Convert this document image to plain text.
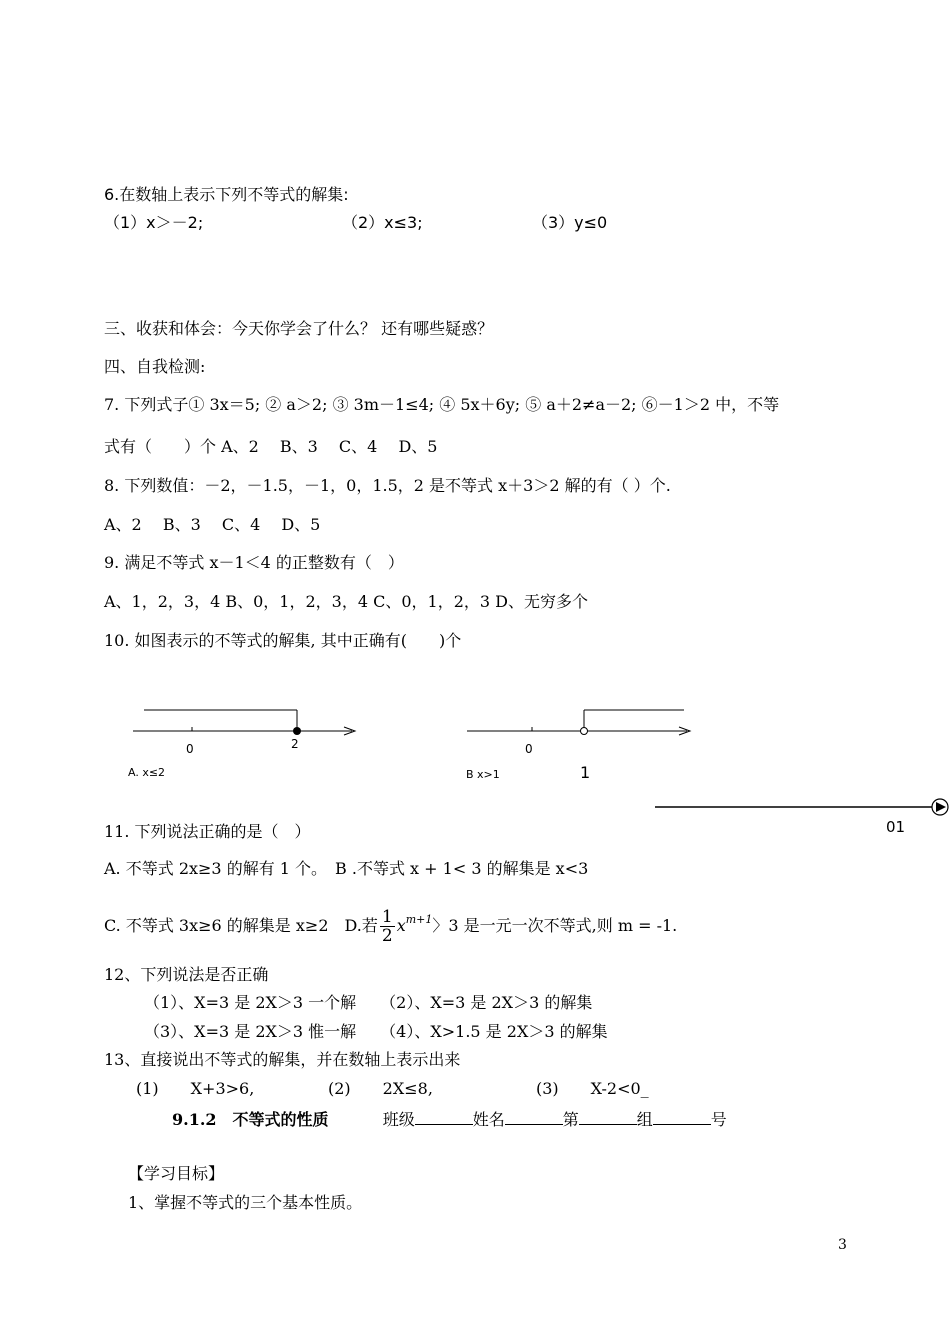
6.在数轴上表示下列不等式的解集:
（1）x＞－2;	（2）x≤3;	（3）y≤0
三、收获和体会：今天你学会了什么？ 还有哪些疑惑？
四、自我检测:
7. 下列式子① 3x＝5; ② a＞2; ③ 3m－1≤4; ④ 5x＋6y; ⑤ a＋2≠a－2; ⑥－1＞2 中，不等
式有（　　）个 A、2　 B、3　 C、4　 D、5
8. 下列数值：－2，－1.5，－1，0，1.5，2 是不等式 x＋3＞2 解的有（ ）个.
A、2　 B、3　 C、4　 D、5
9. 满足不等式 x－1＜4 的正整数有（　）
A、1，2，3，4 B、0，1，2，3，4 C、0，1，2，3 D、无穷多个
10. 如图表示的不等式的解集, 其中正确有(　　)个
0	2
A. x≤2
0
B x>1	1
01
11. 下列说法正确的是（　）
A. 不等式 2x≥3 的解有 1 个。　B .不等式 x + 1< 3 的解集是 x<3
C. 不等式 3x≥6 的解集是 x≥2　D.若 $\frac{1}{2} x^{m+1}$〉3 是一元一次不等式,则 m = -1.
12、下列说法是否正确
（1）、X=3 是 2X＞3 一个解　　（2）、X=3 是 2X＞3 的解集
（3）、X=3 是 2X＞3 惟一解　　（4）、X>1.5 是 2X＞3 的解集
13、直接说出不等式的解集，并在数轴上表示出来
(1)　　X+3>6,	(2)　　2X≤8,	(3)　　X-2<0_
9.1.2　不等式的性质	班级	姓名	第	组	号
【学习目标】
1、掌握不等式的三个基本性质。
3
